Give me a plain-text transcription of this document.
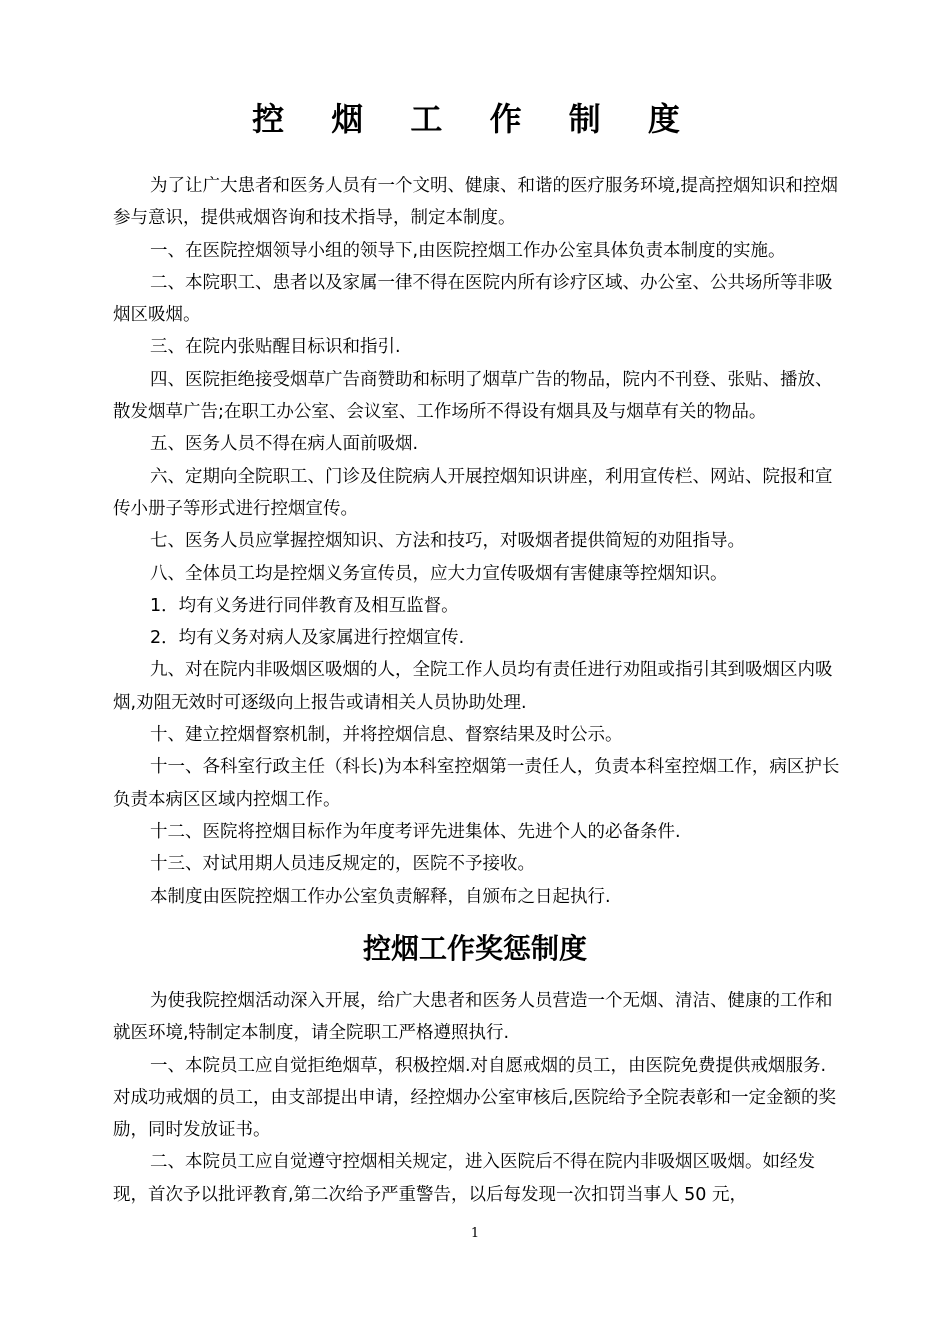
控 烟 工 作 制 度

为了让广大患者和医务人员有一个文明、健康、和谐的医疗服务环境,提高控烟知识和控烟参与意识，提供戒烟咨询和技术指导，制定本制度。

一、在医院控烟领导小组的领导下,由医院控烟工作办公室具体负责本制度的实施。

二、本院职工、患者以及家属一律不得在医院内所有诊疗区域、办公室、公共场所等非吸烟区吸烟。

三、在院内张贴醒目标识和指引.

四、医院拒绝接受烟草广告商赞助和标明了烟草广告的物品，院内不刊登、张贴、播放、散发烟草广告;在职工办公室、会议室、工作场所不得设有烟具及与烟草有关的物品。

五、医务人员不得在病人面前吸烟.

六、定期向全院职工、门诊及住院病人开展控烟知识讲座，利用宣传栏、网站、院报和宣传小册子等形式进行控烟宣传。

七、医务人员应掌握控烟知识、方法和技巧，对吸烟者提供简短的劝阻指导。

八、全体员工均是控烟义务宣传员，应大力宣传吸烟有害健康等控烟知识。

1．均有义务进行同伴教育及相互监督。

2．均有义务对病人及家属进行控烟宣传.

九、对在院内非吸烟区吸烟的人，全院工作人员均有责任进行劝阻或指引其到吸烟区内吸烟,劝阻无效时可逐级向上报告或请相关人员协助处理.

十、建立控烟督察机制，并将控烟信息、督察结果及时公示。

十一、各科室行政主任（科长)为本科室控烟第一责任人，负责本科室控烟工作，病区护长负责本病区区域内控烟工作。

十二、医院将控烟目标作为年度考评先进集体、先进个人的必备条件.

十三、对试用期人员违反规定的，医院不予接收。

本制度由医院控烟工作办公室负责解释，自颁布之日起执行.

控烟工作奖惩制度

为使我院控烟活动深入开展，给广大患者和医务人员营造一个无烟、清洁、健康的工作和就医环境,特制定本制度，请全院职工严格遵照执行.

一、本院员工应自觉拒绝烟草，积极控烟.对自愿戒烟的员工，由医院免费提供戒烟服务.对成功戒烟的员工，由支部提出申请，经控烟办公室审核后,医院给予全院表彰和一定金额的奖励，同时发放证书。

二、本院员工应自觉遵守控烟相关规定，进入医院后不得在院内非吸烟区吸烟。如经发现，首次予以批评教育,第二次给予严重警告，以后每发现一次扣罚当事人 50 元，

1
